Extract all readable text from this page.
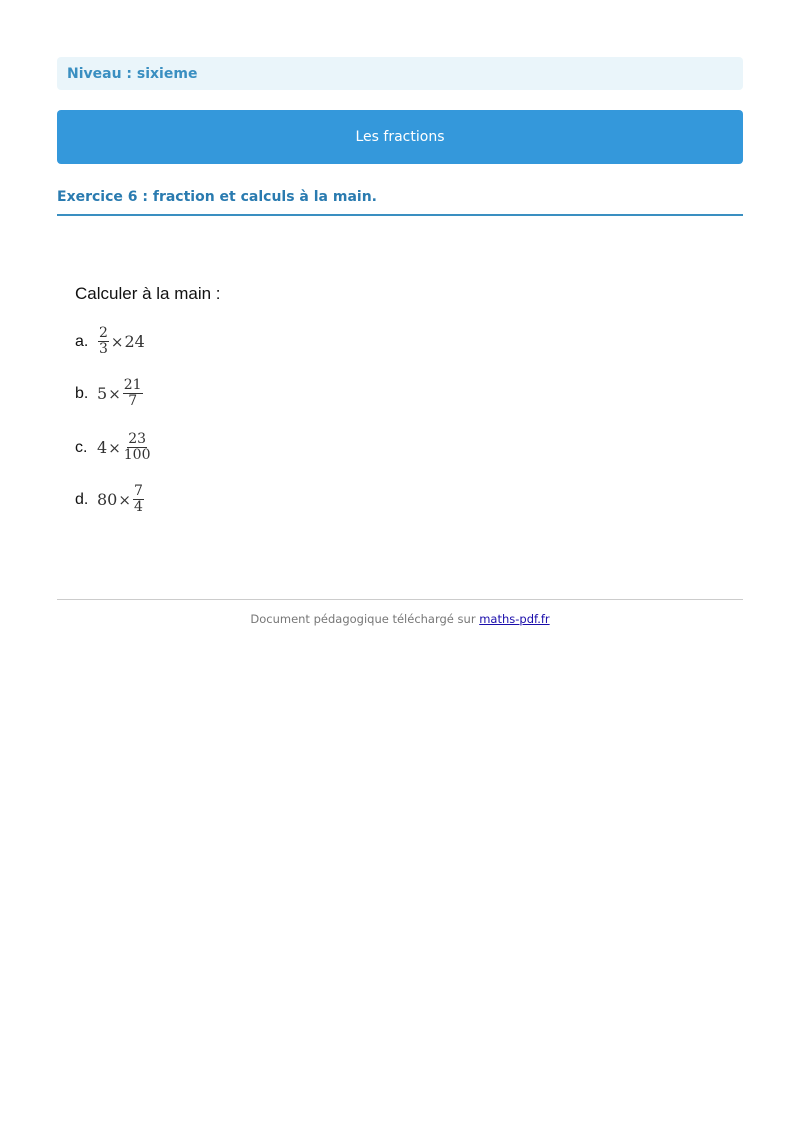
Niveau : sixieme
Les fractions
Exercice 6 : fraction et calculs à la main.
Calculer à la main :
a. $\frac{2}{3} \times 24$
b. $5 \times \frac{21}{7}$
c. $4 \times \frac{23}{100}$
d. $80 \times \frac{7}{4}$
Document pédagogique téléchargé sur maths-pdf.fr
